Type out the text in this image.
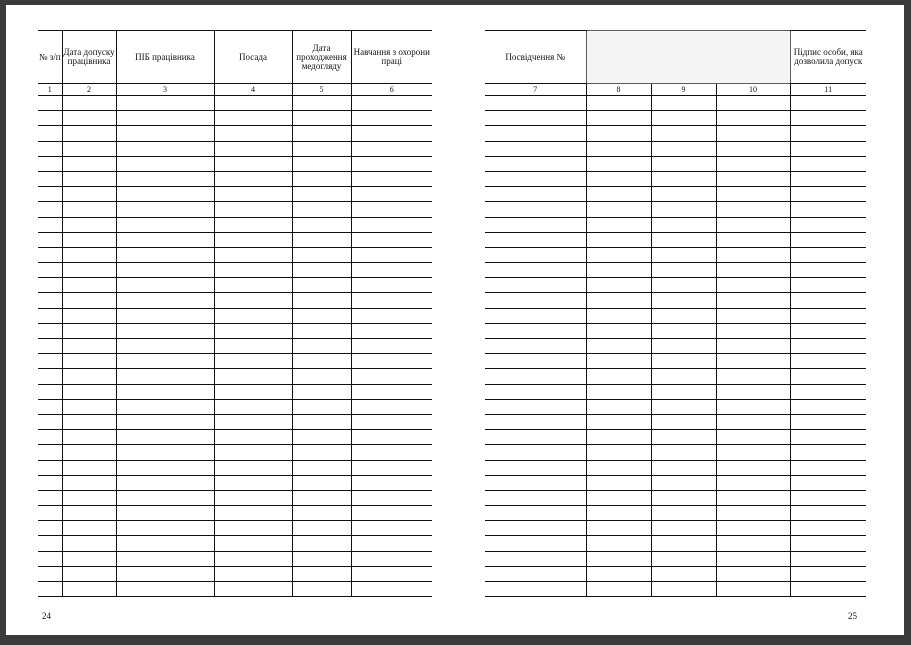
№ з/п	Дата допуску працівника	ПІБ працівника	Посада	Дата проходження медогляду	Навчання з охорони праці
1	2	3	4	5	6

24
Посвідчення №				Підпис особи, яка дозволила допуск
7	8	9	10	11

25
